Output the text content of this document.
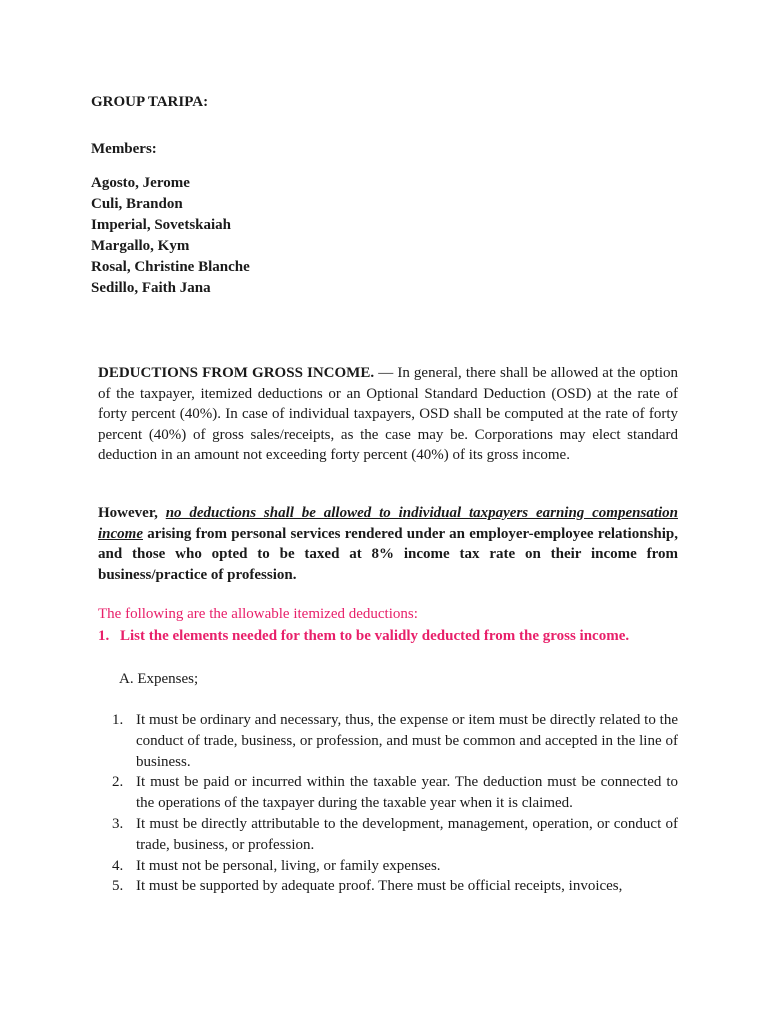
GROUP TARIPA:
Members:
Agosto, Jerome
Culi, Brandon
Imperial, Sovetskaiah
Margallo, Kym
Rosal, Christine Blanche
Sedillo, Faith Jana

DEDUCTIONS FROM GROSS INCOME. — In general, there shall be allowed at the option of the taxpayer, itemized deductions or an Optional Standard Deduction (OSD) at the rate of forty percent (40%). In case of individual taxpayers, OSD shall be computed at the rate of forty percent (40%) of gross sales/receipts, as the case may be. Corporations may elect standard deduction in an amount not exceeding forty percent (40%) of its gross income.

However, no deductions shall be allowed to individual taxpayers earning compensation income arising from personal services rendered under an employer-employee relationship, and those who opted to be taxed at 8% income tax rate on their income from business/practice of profession.

The following are the allowable itemized deductions:
1. List the elements needed for them to be validly deducted from the gross income.
A. Expenses;
1. It must be ordinary and necessary, thus, the expense or item must be directly related to the conduct of trade, business, or profession, and must be common and accepted in the line of business.
2. It must be paid or incurred within the taxable year. The deduction must be connected to the operations of the taxpayer during the taxable year when it is claimed.
3. It must be directly attributable to the development, management, operation, or conduct of trade, business, or profession.
4. It must not be personal, living, or family expenses.
5. It must be supported by adequate proof. There must be official receipts, invoices,
